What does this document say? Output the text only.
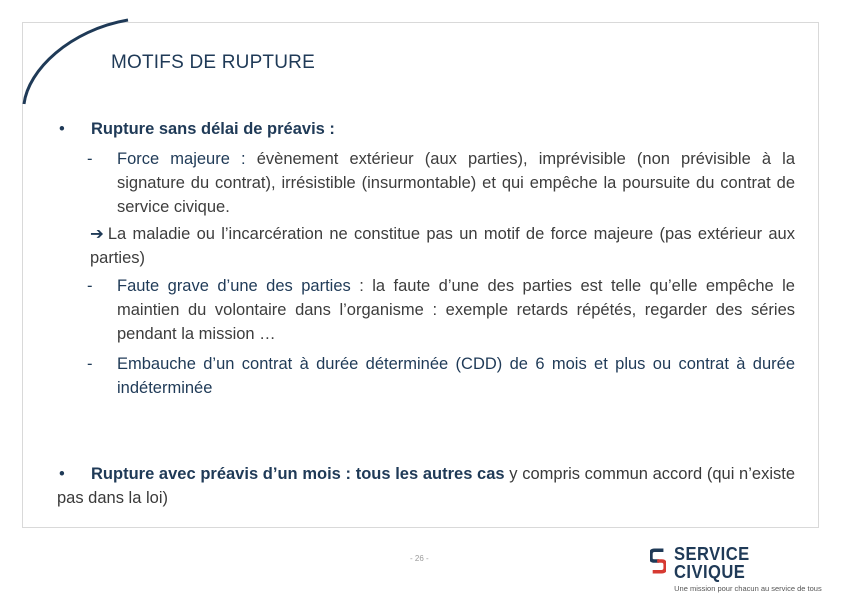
MOTIFS DE RUPTURE
•	Rupture sans délai de préavis :
-	Force majeure : évènement extérieur (aux parties), imprévisible (non prévisible à la signature du contrat), irrésistible (insurmontable) et qui empêche la poursuite du contrat de service civique.
➔ La maladie ou l’incarcération ne constitue pas un motif de force majeure (pas extérieur aux parties)
-	Faute grave d’une des parties : la faute d’une des parties est telle qu’elle empêche le maintien du volontaire dans l’organisme : exemple retards répétés, regarder des séries pendant la mission …
-	Embauche d’un contrat à durée déterminée (CDD) de 6 mois et plus ou contrat à durée indéterminée
• Rupture avec préavis d’un mois : tous les autres cas y compris commun accord (qui n’existe pas dans la loi)
- 26 -	SERVICE CIVIQUE
Une mission pour chacun au service de tous
